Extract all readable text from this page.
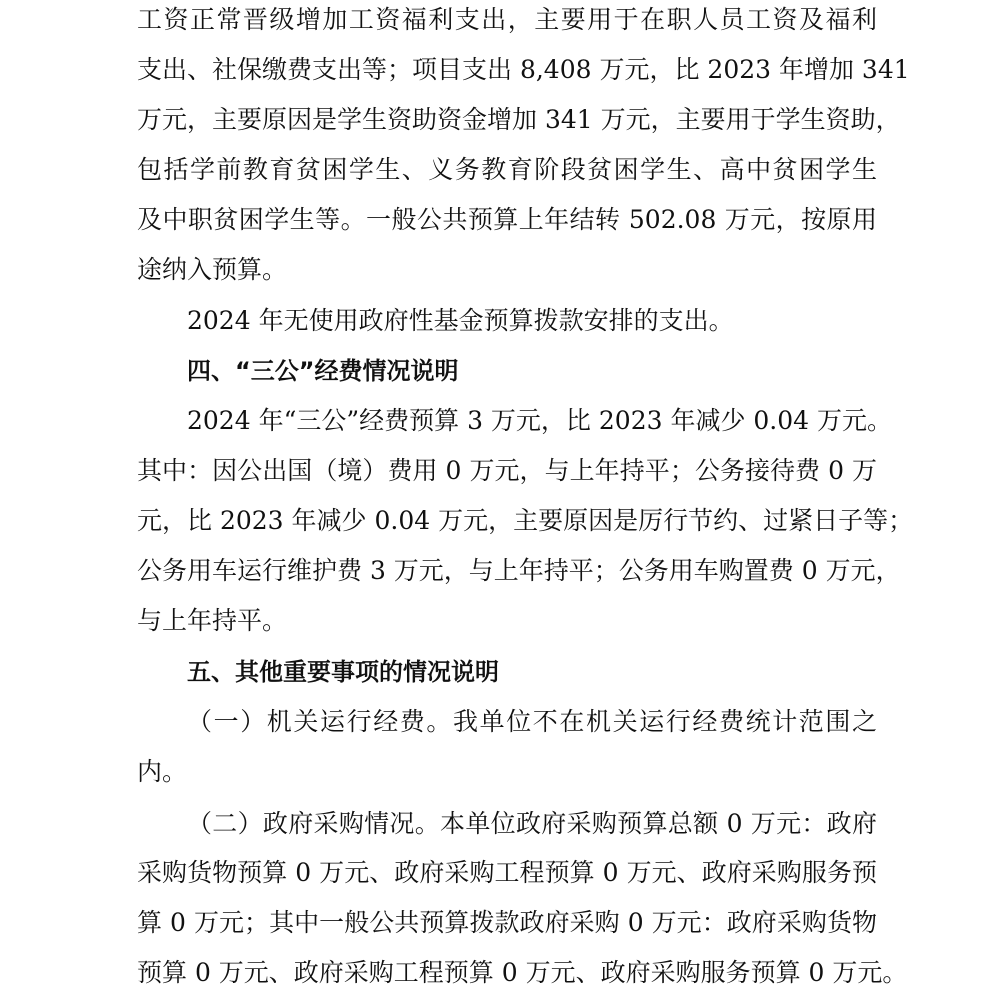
工资正常晋级增加工资福利支出，主要用于在职人员工资及福利

支出、社保缴费支出等；项目支出 8,408 万元，比 2023 年增加 341

万元，主要原因是学生资助资金增加 341 万元，主要用于学生资助，

包括学前教育贫困学生、义务教育阶段贫困学生、高中贫困学生

及中职贫困学生等。一般公共预算上年结转 502.08 万元，按原用

途纳入预算。

2024 年无使用政府性基金预算拨款安排的支出。

四、“三公”经费情况说明

2024 年“三公”经费预算 3 万元，比 2023 年减少 0.04 万元。

其中：因公出国（境）费用 0 万元，与上年持平；公务接待费 0 万

元，比 2023 年减少 0.04 万元，主要原因是厉行节约、过紧日子等；

公务用车运行维护费 3 万元，与上年持平；公务用车购置费 0 万元，

与上年持平。

五、其他重要事项的情况说明

（一）机关运行经费。我单位不在机关运行经费统计范围之

内。

（二）政府采购情况。本单位政府采购预算总额 0 万元：政府

采购货物预算 0 万元、政府采购工程预算 0 万元、政府采购服务预

算 0 万元；其中一般公共预算拨款政府采购 0 万元：政府采购货物

预算 0 万元、政府采购工程预算 0 万元、政府采购服务预算 0 万元。
